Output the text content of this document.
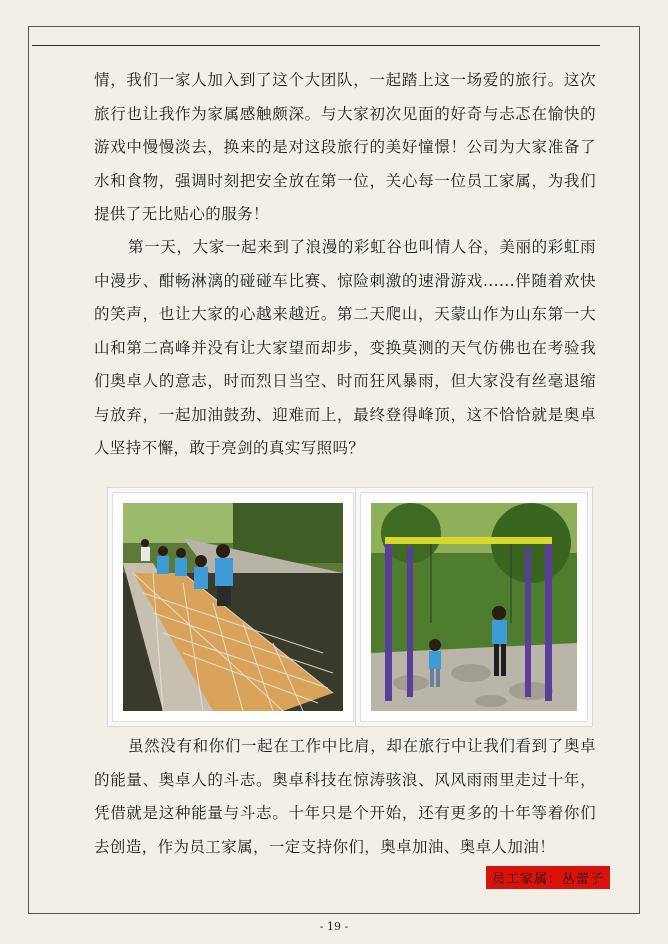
情，我们一家人加入到了这个大团队，一起踏上这一场爱的旅行。这次旅行也让我作为家属感触颇深。与大家初次见面的好奇与忐忑在愉快的游戏中慢慢淡去，换来的是对这段旅行的美好憧憬！公司为大家准备了水和食物，强调时刻把安全放在第一位，关心每一位员工家属，为我们提供了无比贴心的服务！

第一天，大家一起来到了浪漫的彩虹谷也叫情人谷，美丽的彩虹雨中漫步、酣畅淋漓的碰碰车比赛、惊险刺激的速滑游戏......伴随着欢快的笑声，也让大家的心越来越近。第二天爬山，天蒙山作为山东第一大山和第二高峰并没有让大家望而却步，变换莫测的天气仿佛也在考验我们奥卓人的意志，时而烈日当空、时而狂风暴雨，但大家没有丝毫退缩与放弃，一起加油鼓劲、迎难而上，最终登得峰顶，这不恰恰就是奥卓人坚持不懈，敢于亮剑的真实写照吗？

虽然没有和你们一起在工作中比肩，却在旅行中让我们看到了奥卓的能量、奥卓人的斗志。奥卓科技在惊涛骇浪、风风雨雨里走过十年，凭借就是这种能量与斗志。十年只是个开始，还有更多的十年等着你们去创造，作为员工家属，一定支持你们，奥卓加油、奥卓人加油！

员工家属：丛蕾子
- 19 -
